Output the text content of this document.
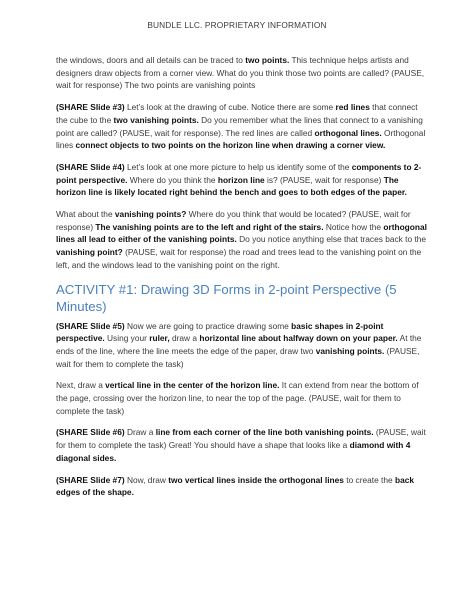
BUNDLE LLC. PROPRIETARY INFORMATION

the windows, doors and all details can be traced to two points. This technique helps artists and designers draw objects from a corner view. What do you think those two points are called? (PAUSE, wait for response) The two points are vanishing points

(SHARE Slide #3) Let’s look at the drawing of cube. Notice there are some red lines that connect the cube to the two vanishing points. Do you remember what the lines that connect to a vanishing point are called? (PAUSE, wait for response). The red lines are called orthogonal lines. Orthogonal lines connect objects to two points on the horizon line when drawing a corner view.

(SHARE Slide #4) Let’s look at one more picture to help us identify some of the components to 2-point perspective. Where do you think the horizon line is? (PAUSE, wait for response) The horizon line is likely located right behind the bench and goes to both edges of the paper.

What about the vanishing points? Where do you think that would be located? (PAUSE, wait for response) The vanishing points are to the left and right of the stairs. Notice how the orthogonal lines all lead to either of the vanishing points. Do you notice anything else that traces back to the vanishing point? (PAUSE, wait for response) the road and trees lead to the vanishing point on the left, and the windows lead to the vanishing point on the right.

ACTIVITY #1: Drawing 3D Forms in 2-point Perspective (5 Minutes)

(SHARE Slide #5) Now we are going to practice drawing some basic shapes in 2-point perspective. Using your ruler, draw a horizontal line about halfway down on your paper. At the ends of the line, where the line meets the edge of the paper, draw two vanishing points. (PAUSE, wait for them to complete the task)

Next, draw a vertical line in the center of the horizon line. It can extend from near the bottom of the page, crossing over the horizon line, to near the top of the page. (PAUSE, wait for them to complete the task)

(SHARE Slide #6) Draw a line from each corner of the line both vanishing points. (PAUSE, wait for them to complete the task) Great! You should have a shape that looks like a diamond with 4 diagonal sides.

(SHARE Slide #7) Now, draw two vertical lines inside the orthogonal lines to create the back edges of the shape.
